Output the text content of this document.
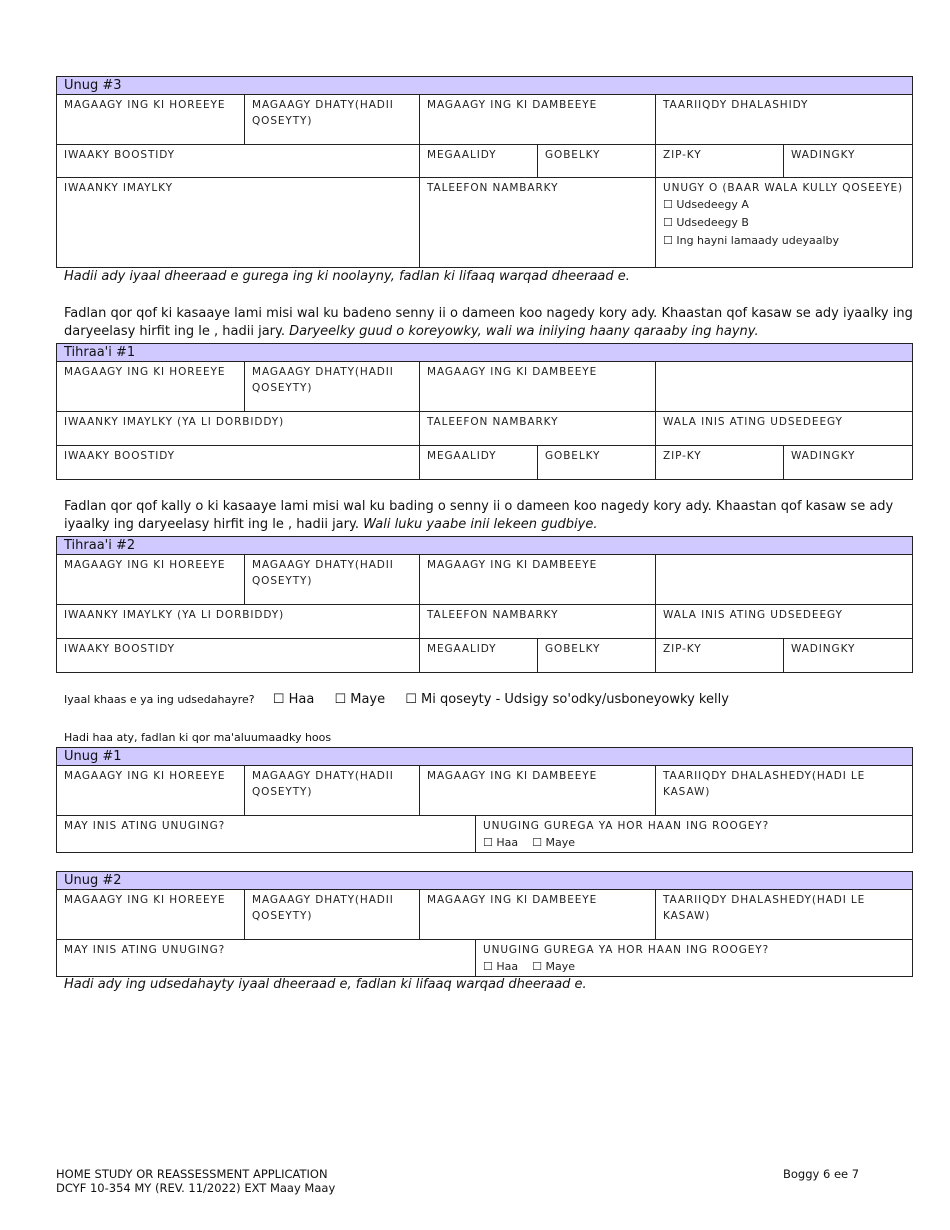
Unug #3					

MAGAAGY ING KI HOREEYE	MAGAAGY DHATY(HADII QOSEYTY)	MAGAAGY ING KI DAMBEEYE		TAARIIQDY DHALASHIDY	

IWAAKY BOOSTIDY		MEGAALIDY	GOBELKY	ZIP-KY	WADINGKY

IWAANKY IMAYLKY		TALEEFON NAMBARKY		UNUGY O (BAAR WALA KULLY QOSEEYE)
☐ Udsedeegy A
☐ Udsedeegy B
☐ Ing hayni lamaady udeyaalby	
Hadii ady iyaal dheeraad e gurega ing ki noolayny, fadlan ki lifaaq warqad dheeraad e.
Fadlan qor qof ki kasaaye lami misi wal ku badeno senny ii o dameen koo nagedy kory ady. Khaastan qof kasaw se ady iyaalky ing daryeelasy hirfit ing le , hadii jary. Daryeelky guud o koreyowky, wali wa iniiying haany qaraaby ing hayny.
Tihraa'i #1					

MAGAAGY ING KI HOREEYE	MAGAAGY DHATY(HADII QOSEYTY)	MAGAAGY ING KI DAMBEEYE			

IWAANKY IMAYLKY (YA LI DORBIDDY)		TALEEFON NAMBARKY		WALA INIS ATING UDSEDEEGY	

IWAAKY BOOSTIDY		MEGAALIDY	GOBELKY	ZIP-KY	WADINGKY
Fadlan qor qof kally o ki kasaaye lami misi wal ku bading o senny ii o dameen koo nagedy kory ady. Khaastan qof kasaw se ady iyaalky ing daryeelasy hirfit ing le , hadii jary. Wali luku yaabe inii lekeen gudbiye.
Tihraa'i #2					

MAGAAGY ING KI HOREEYE	MAGAAGY DHATY(HADII QOSEYTY)	MAGAAGY ING KI DAMBEEYE			

IWAANKY IMAYLKY (YA LI DORBIDDY)		TALEEFON NAMBARKY		WALA INIS ATING UDSEDEEGY	

IWAAKY BOOSTIDY		MEGAALIDY	GOBELKY	ZIP-KY	WADINGKY
Iyaal khaas e ya ing udsedahayre? ☐ Haa ☐ Maye ☐ Mi qoseyty - Udsigy so'odky/usboneyowky kelly
Hadi haa aty, fadlan ki qor ma'aluumaadky hoos
Unug #1				

MAGAAGY ING KI HOREEYE	MAGAAGY DHATY(HADII QOSEYTY)	MAGAAGY ING KI DAMBEEYE		TAARIIQDY DHALASHEDY(HADI LE KASAW)

MAY INIS ATING UNUGING?			UNUGING GUREGA YA HOR HAAN ING ROOGEY?
☐ Haa ☐ Maye	
Unug #2				

MAGAAGY ING KI HOREEYE	MAGAAGY DHATY(HADII QOSEYTY)	MAGAAGY ING KI DAMBEEYE		TAARIIQDY DHALASHEDY(HADI LE KASAW)

MAY INIS ATING UNUGING?			UNUGING GUREGA YA HOR HAAN ING ROOGEY?
☐ Haa ☐ Maye	
Hadi ady ing udsedahayty iyaal dheeraad e, fadlan ki lifaaq warqad dheeraad e.
HOME STUDY OR REASSESSMENT APPLICATION
DCYF 10-354 MY (REV. 11/2022) EXT Maay Maay
Boggy 6 ee 7
